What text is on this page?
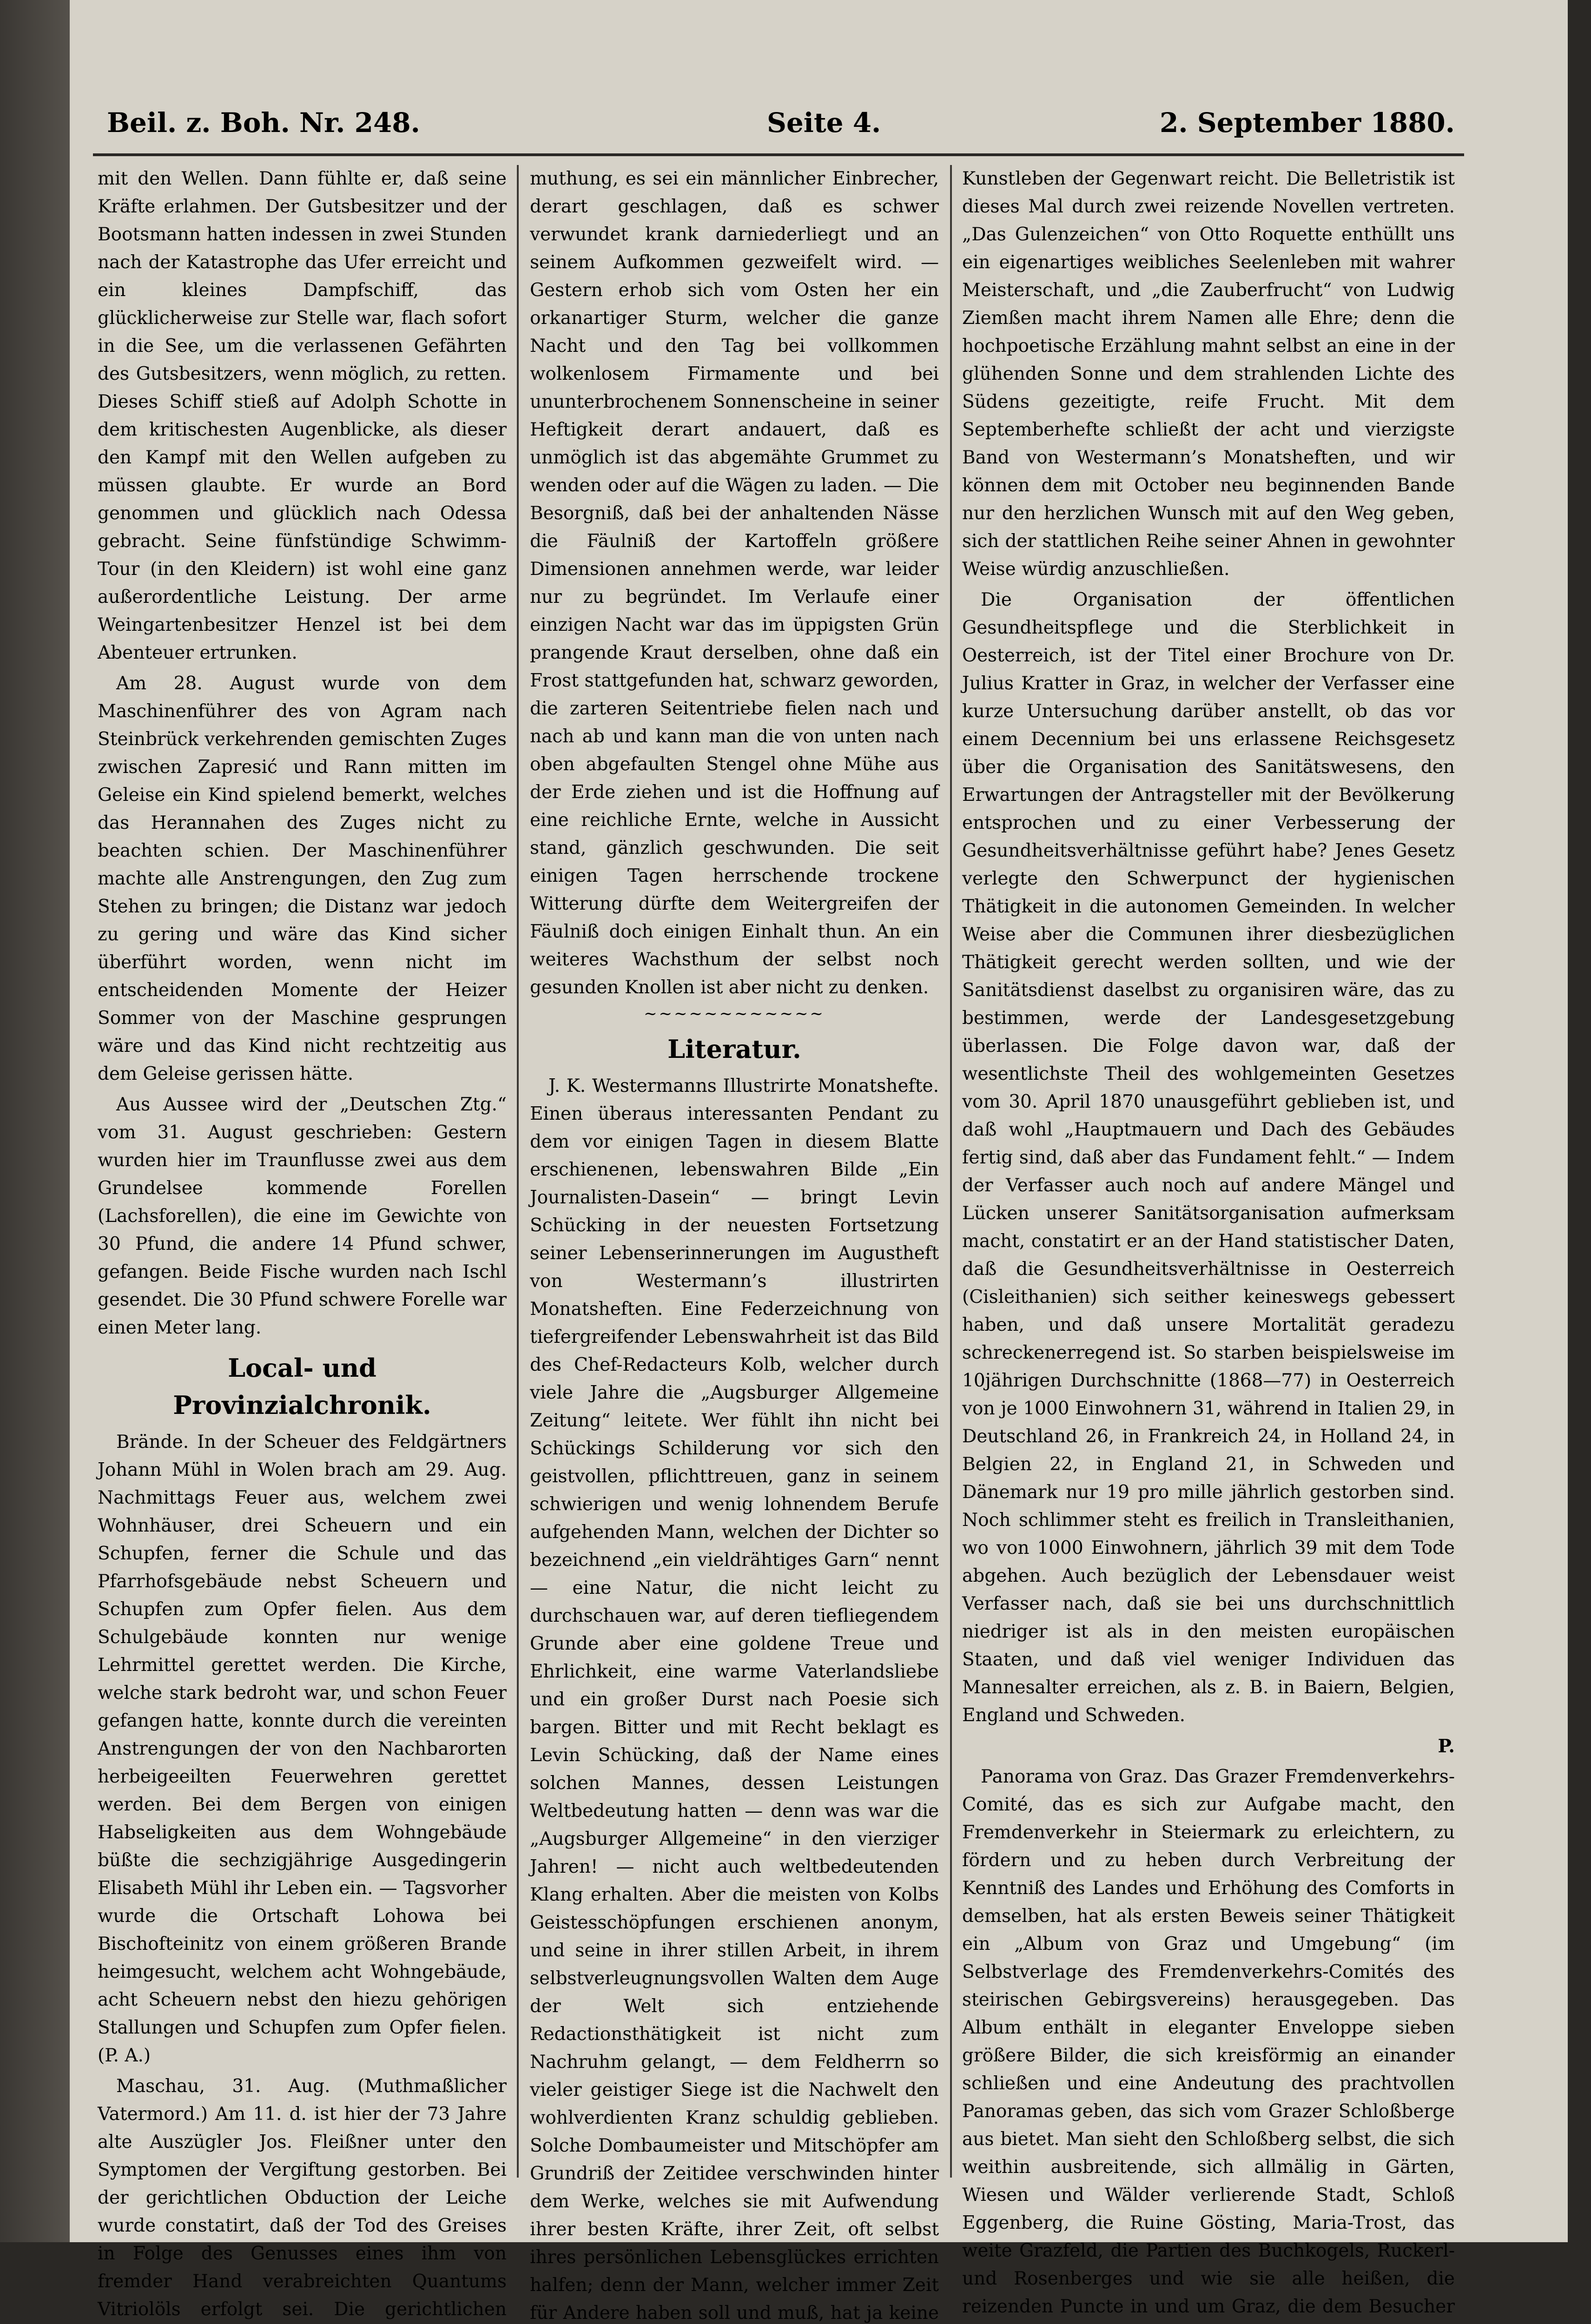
Beil. z. Boh. Nr. 248.	Seite 4.	2. September 1880.

mit den Wellen. Dann fühlte er, daß seine Kräfte erlahmen. Der Gutsbesitzer und der Bootsmann hatten indessen in zwei Stunden nach der Katastrophe das Ufer erreicht und ein kleines Dampfschiff, das glücklicherweise zur Stelle war, flach sofort in die See, um die verlassenen Gefährten des Gutsbesitzers, wenn möglich, zu retten. Dieses Schiff stieß auf Adolph Schotte in dem kritischesten Augenblicke, als dieser den Kampf mit den Wellen aufgeben zu müssen glaubte. Er wurde an Bord genommen und glücklich nach Odessa gebracht. Seine fünfstündige Schwimm-Tour (in den Kleidern) ist wohl eine ganz außerordentliche Leistung. Der arme Weingartenbesitzer Henzel ist bei dem Abenteuer ertrunken.

Am 28. August wurde von dem Maschinenführer des von Agram nach Steinbrück verkehrenden gemischten Zuges zwischen Zapresić und Rann mitten im Geleise ein Kind spielend bemerkt, welches das Herannahen des Zuges nicht zu beachten schien. Der Maschinenführer machte alle Anstrengungen, den Zug zum Stehen zu bringen; die Distanz war jedoch zu gering und wäre das Kind sicher überführt worden, wenn nicht im entscheidenden Momente der Heizer Sommer von der Maschine gesprungen wäre und das Kind nicht rechtzeitig aus dem Geleise gerissen hätte.

Aus Aussee wird der „Deutschen Ztg.“ vom 31. August geschrieben: Gestern wurden hier im Traunflusse zwei aus dem Grundelsee kommende Forellen (Lachsforellen), die eine im Gewichte von 30 Pfund, die andere 14 Pfund schwer, gefangen. Beide Fische wurden nach Ischl gesendet. Die 30 Pfund schwere Forelle war einen Meter lang.

Local- und Provinzialchronik.

Brände. In der Scheuer des Feldgärtners Johann Mühl in Wolen brach am 29. Aug. Nachmittags Feuer aus, welchem zwei Wohnhäuser, drei Scheuern und ein Schupfen, ferner die Schule und das Pfarrhofsgebäude nebst Scheuern und Schupfen zum Opfer fielen. Aus dem Schulgebäude konnten nur wenige Lehrmittel gerettet werden. Die Kirche, welche stark bedroht war, und schon Feuer gefangen hatte, konnte durch die vereinten Anstrengungen der von den Nachbarorten herbeigeeilten Feuerwehren gerettet werden. Bei dem Bergen von einigen Habseligkeiten aus dem Wohngebäude büßte die sechzigjährige Ausgedingerin Elisabeth Mühl ihr Leben ein. — Tagsvorher wurde die Ortschaft Lohowa bei Bischofteinitz von einem größeren Brande heimgesucht, welchem acht Wohngebäude, acht Scheuern nebst den hiezu gehörigen Stallungen und Schupfen zum Opfer fielen. (P. A.)

Maschau, 31. Aug. (Muthmaßlicher Vatermord.) Am 11. d. ist hier der 73 Jahre alte Auszügler Jos. Fleißner unter den Symptomen der Vergiftung gestorben. Bei der gerichtlichen Obduction der Leiche wurde constatirt, daß der Tod des Greises in Folge des Genusses eines ihm von fremder Hand verabreichten Quantums Vitriolöls erfolgt sei. Die gerichtlichen

muthung, es sei ein männlicher Einbrecher, derart geschlagen, daß es schwer verwundet krank darniederliegt und an seinem Aufkommen gezweifelt wird. — Gestern erhob sich vom Osten her ein orkanartiger Sturm, welcher die ganze Nacht und den Tag bei vollkommen wolkenlosem Firmamente und bei ununterbrochenem Sonnenscheine in seiner Heftigkeit derart andauert, daß es unmöglich ist das abgemähte Grummet zu wenden oder auf die Wägen zu laden. — Die Besorgniß, daß bei der anhaltenden Nässe die Fäulniß der Kartoffeln größere Dimensionen annehmen werde, war leider nur zu begründet. Im Verlaufe einer einzigen Nacht war das im üppigsten Grün prangende Kraut derselben, ohne daß ein Frost stattgefunden hat, schwarz geworden, die zarteren Seitentriebe fielen nach und nach ab und kann man die von unten nach oben abgefaulten Stengel ohne Mühe aus der Erde ziehen und ist die Hoffnung auf eine reichliche Ernte, welche in Aussicht stand, gänzlich geschwunden. Die seit einigen Tagen herrschende trockene Witterung dürfte dem Weitergreifen der Fäulniß doch einigen Einhalt thun. An ein weiteres Wachsthum der selbst noch gesunden Knollen ist aber nicht zu denken.

~~~~~~~~~~~~
Literatur.

J. K. Westermanns Illustrirte Monatshefte. Einen überaus interessanten Pendant zu dem vor einigen Tagen in diesem Blatte erschienenen, lebenswahren Bilde „Ein Journalisten-Dasein“ — bringt Levin Schücking in der neuesten Fortsetzung seiner Lebenserinnerungen im Augustheft von Westermann’s illustrirten Monatsheften. Eine Federzeichnung von tiefergreifender Lebenswahrheit ist das Bild des Chef-Redacteurs Kolb, welcher durch viele Jahre die „Augsburger Allgemeine Zeitung“ leitete. Wer fühlt ihn nicht bei Schückings Schilderung vor sich den geistvollen, pflichttreuen, ganz in seinem schwierigen und wenig lohnendem Berufe aufgehenden Mann, welchen der Dichter so bezeichnend „ein vieldrähtiges Garn“ nennt — eine Natur, die nicht leicht zu durchschauen war, auf deren tiefliegendem Grunde aber eine goldene Treue und Ehrlichkeit, eine warme Vaterlandsliebe und ein großer Durst nach Poesie sich bargen. Bitter und mit Recht beklagt es Levin Schücking, daß der Name eines solchen Mannes, dessen Leistungen Weltbedeutung hatten — denn was war die „Augsburger Allgemeine“ in den vierziger Jahren! — nicht auch weltbedeutenden Klang erhalten. Aber die meisten von Kolbs Geistesschöpfungen erschienen anonym, und seine in ihrer stillen Arbeit, in ihrem selbstverleugnungsvollen Walten dem Auge der Welt sich entziehende Redactionsthätigkeit ist nicht zum Nachruhm gelangt, — dem Feldherrn so vieler geistiger Siege ist die Nachwelt den wohlverdienten Kranz schuldig geblieben. Solche Dombaumeister und Mitschöpfer am Grundriß der Zeitidee verschwinden hinter dem Werke, welches sie mit Aufwendung ihrer besten Kräfte, ihrer Zeit, oft selbst ihres persönlichen Lebensglückes errichten halfen; denn der Mann, welcher immer Zeit für Andere haben soll und muß, hat ja keine

Kunstleben der Gegenwart reicht. Die Belletristik ist dieses Mal durch zwei reizende Novellen vertreten. „Das Gulenzeichen“ von Otto Roquette enthüllt uns ein eigenartiges weibliches Seelenleben mit wahrer Meisterschaft, und „die Zauberfrucht“ von Ludwig Ziemßen macht ihrem Namen alle Ehre; denn die hochpoetische Erzählung mahnt selbst an eine in der glühenden Sonne und dem strahlenden Lichte des Südens gezeitigte, reife Frucht. Mit dem Septemberhefte schließt der acht und vierzigste Band von Westermann’s Monatsheften, und wir können dem mit October neu beginnenden Bande nur den herzlichen Wunsch mit auf den Weg geben, sich der stattlichen Reihe seiner Ahnen in gewohnter Weise würdig anzuschließen.

Die Organisation der öffentlichen Gesundheitspflege und die Sterblichkeit in Oesterreich, ist der Titel einer Brochure von Dr. Julius Kratter in Graz, in welcher der Verfasser eine kurze Untersuchung darüber anstellt, ob das vor einem Decennium bei uns erlassene Reichsgesetz über die Organisation des Sanitätswesens, den Erwartungen der Antragsteller mit der Bevölkerung entsprochen und zu einer Verbesserung der Gesundheitsverhältnisse geführt habe? Jenes Gesetz verlegte den Schwerpunct der hygienischen Thätigkeit in die autonomen Gemeinden. In welcher Weise aber die Communen ihrer diesbezüglichen Thätigkeit gerecht werden sollten, und wie der Sanitätsdienst daselbst zu organisiren wäre, das zu bestimmen, werde der Landesgesetzgebung überlassen. Die Folge davon war, daß der wesentlichste Theil des wohlgemeinten Gesetzes vom 30. April 1870 unausgeführt geblieben ist, und daß wohl „Hauptmauern und Dach des Gebäudes fertig sind, daß aber das Fundament fehlt.“ — Indem der Verfasser auch noch auf andere Mängel und Lücken unserer Sanitätsorganisation aufmerksam macht, constatirt er an der Hand statistischer Daten, daß die Gesundheitsverhältnisse in Oesterreich (Cisleithanien) sich seither keineswegs gebessert haben, und daß unsere Mortalität geradezu schreckenerregend ist. So starben beispielsweise im 10jährigen Durchschnitte (1868—77) in Oesterreich von je 1000 Einwohnern 31, während in Italien 29, in Deutschland 26, in Frankreich 24, in Holland 24, in Belgien 22, in England 21, in Schweden und Dänemark nur 19 pro mille jährlich gestorben sind. Noch schlimmer steht es freilich in Transleithanien, wo von 1000 Einwohnern, jährlich 39 mit dem Tode abgehen. Auch bezüglich der Lebensdauer weist Verfasser nach, daß sie bei uns durchschnittlich niedriger ist als in den meisten europäischen Staaten, und daß viel weniger Individuen das Mannesalter erreichen, als z. B. in Baiern, Belgien, England und Schweden.

P.

Panorama von Graz. Das Grazer Fremdenverkehrs-Comité, das es sich zur Aufgabe macht, den Fremdenverkehr in Steiermark zu erleichtern, zu fördern und zu heben durch Verbreitung der Kenntniß des Landes und Erhöhung des Comforts in demselben, hat als ersten Beweis seiner Thätigkeit ein „Album von Graz und Umgebung“ (im Selbstverlage des Fremdenverkehrs-Comités des steirischen Gebirgsvereins) herausgegeben. Das Album enthält in eleganter Enveloppe sieben größere Bilder, die sich kreisförmig an einander schließen und eine Andeutung des prachtvollen Panoramas geben, das sich vom Grazer Schloßberge aus bietet. Man sieht den Schloßberg selbst, die sich weithin ausbreitende, sich allmälig in Gärten, Wiesen und Wälder verlierende Stadt, Schloß Eggenberg, die Ruine Gösting, Maria-Trost, das weite Grazfeld, die Partien des Buchkogels, Ruckerl- und Rosenberges und wie sie alle heißen, die reizenden Puncte in und um Graz, die dem Besucher
